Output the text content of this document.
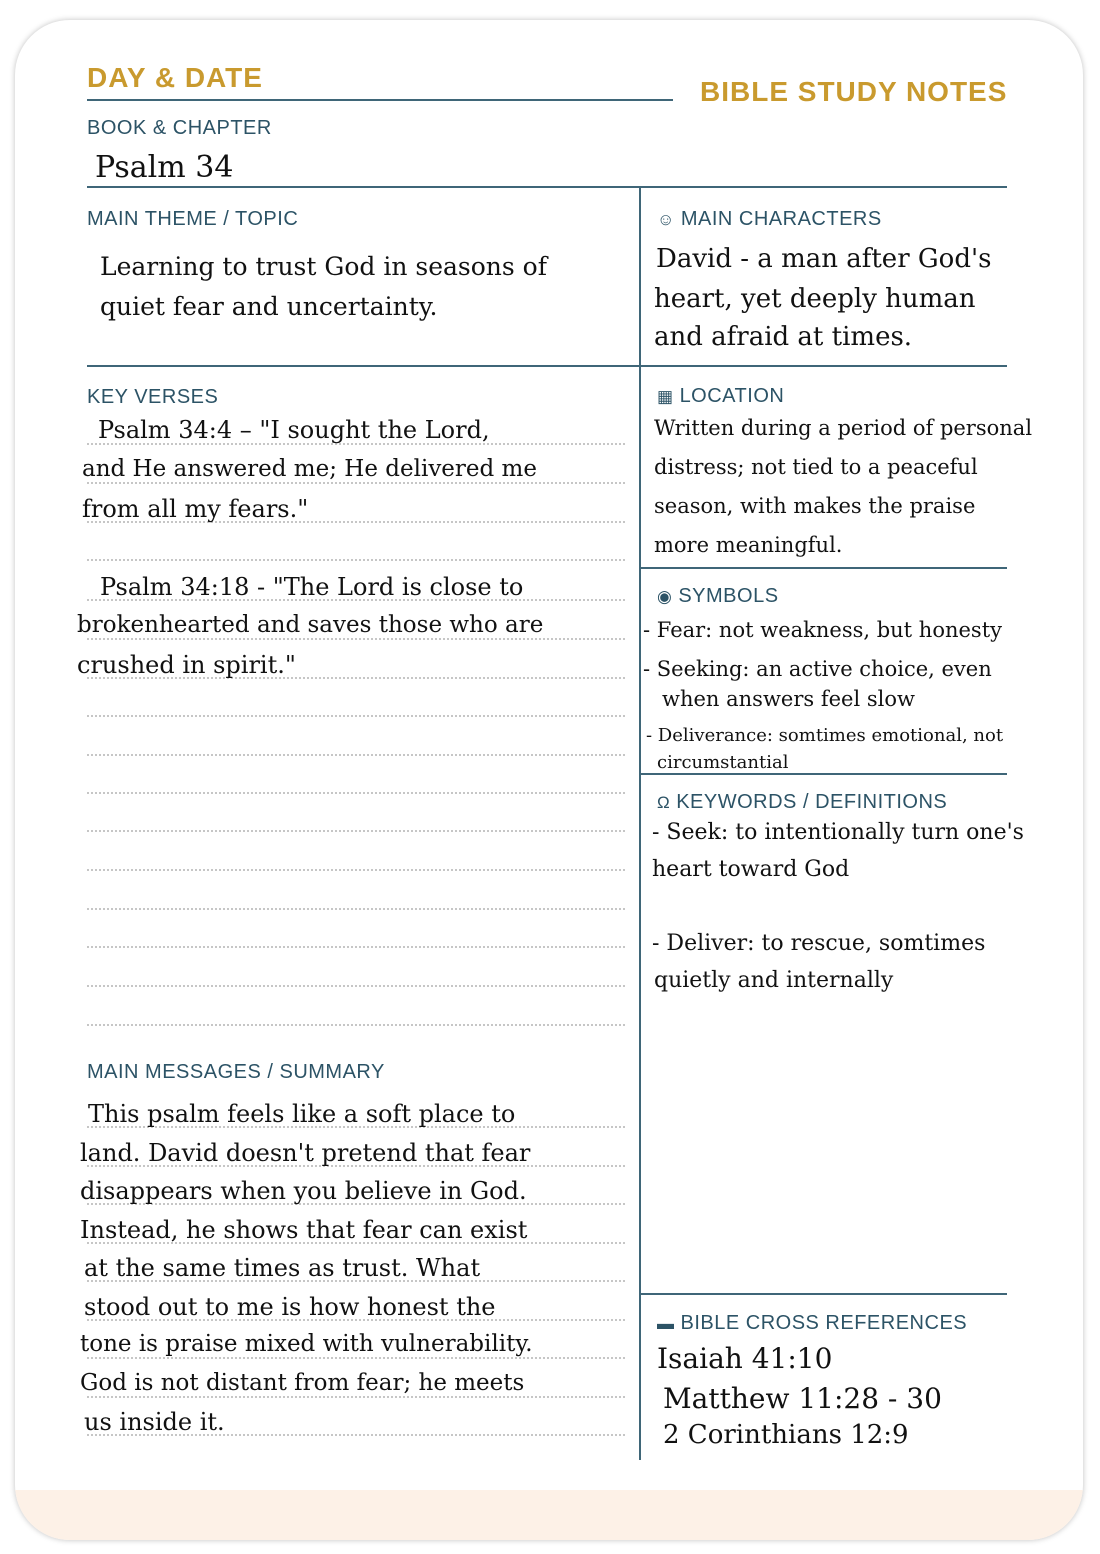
DAY & DATE	BIBLE STUDY NOTES
BOOK & CHAPTER
Psalm 34
MAIN THEME / TOPIC
Learning to trust God in seasons of
quiet fear and uncertainty.
☺ MAIN CHARACTERS
David - a man after God's
heart, yet deeply human
and afraid at times.
KEY VERSES
Psalm 34:4 – "I sought the Lord,
and He answered me; He delivered me
from all my fears."
Psalm 34:18 - "The Lord is close to
brokenhearted and saves those who are
crushed in spirit."
▦ LOCATION
Written during a period of personal
distress; not tied to a peaceful
season, with makes the praise
more meaningful.
◉ SYMBOLS
- Fear: not weakness, but honesty
- Seeking: an active choice, even
when answers feel slow
- Deliverance: somtimes emotional, not
circumstantial
Ω KEYWORDS / DEFINITIONS
- Seek: to intentionally turn one's
heart toward God
- Deliver: to rescue, somtimes
quietly and internally
MAIN MESSAGES / SUMMARY
This psalm feels like a soft place to
land. David doesn't pretend that fear
disappears when you believe in God.
Instead, he shows that fear can exist
at the same times as trust. What
stood out to me is how honest the
tone is praise mixed with vulnerability.
God is not distant from fear; he meets
us inside it.
▬ BIBLE CROSS REFERENCES
Isaiah 41:10
Matthew 11:28 - 30
2 Corinthians 12:9
